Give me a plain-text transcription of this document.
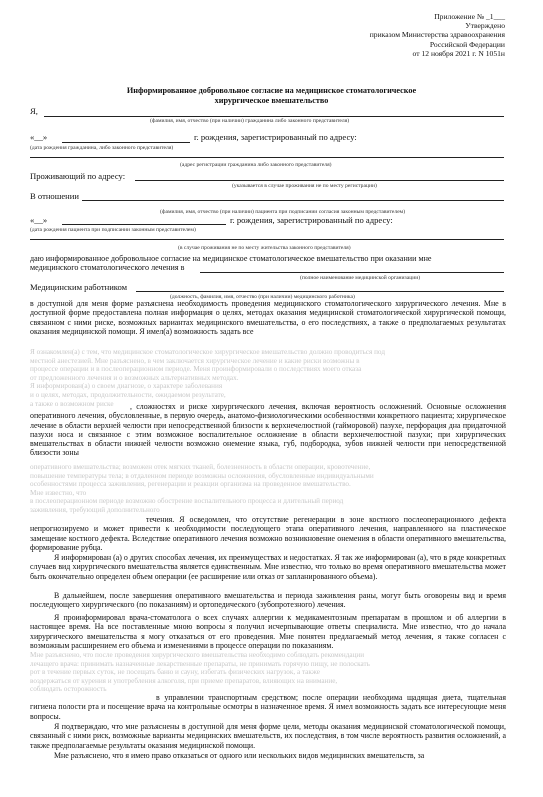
Приложение № _1___
Утверждено
приказом Министерства здравоохранения
Российской Федерации
от 12 ноября 2021 г. N 1051н
Информированное добровольное согласие на медицинское стоматологическое
хирургическое вмешательство
Я,
(фамилия, имя, отчество (при наличии) гражданина либо законного представителя)
«__»	г. рождения, зарегистрированный по адресу:
(дата рождения гражданина, либо законного представителя)
(адрес регистрации гражданина либо законного представителя)
Проживающий по адресу:
(указывается в случае проживания не по месту регистрации)
В отношении
(фамилия, имя, отчество (при наличии) пациента при подписании согласия законным представителем)
«__»	г. рождения, зарегистрированный по адресу:
(дата рождения пациента при подписании законным представителем)
(в случае проживания не по месту жительства законного представителя)
даю информированное добровольное согласие на медицинское стоматологическое вмешательство при оказании мне
медицинского стоматологического лечения в
(полное наименование медицинской организации)
Медицинским работником
(должность, фамилия, имя, отчество (при наличии) медицинского работника)
в доступной для меня форме разъяснена необходимость проведения медицинского стоматологического хирургического лечения. Мне в доступной форме предоставлена полная информация о целях, методах оказания медицинской стоматологической хирургической помощи, связанном с ними риске, возможных вариантах медицинского вмешательства, о его последствиях, а также о предполагаемых результатах оказания медицинской помощи. Я имел(а) возможность задать все
Я ознакомлен(а) с тем, что медицинское стоматологическое хирургическое вмешательство должно проводиться под
местной анестезией. Мне разъяснено, в чем заключается хирургическое лечение и какие риски возможны в
процессе операции и в послеоперационном периоде. Меня проинформировали о последствиях моего отказа
от предложенного лечения и о возможных альтернативных методах.
Я информирован(а) о своем диагнозе, о характере заболевания
и о целях, методах, продолжительности, ожидаемом результате,
а также о возможном риске	, сложностях и риске хирургического лечения, включая вероятность осложнений. Основные осложнения оперативного лечения, обусловленные, в первую очередь, анатомо-физиологическими особенностями конкретного пациента; хирургическое лечение в области верхней челюсти при непосредственной близости к верхнечелюстной (гайморовой) пазухе, перфорация дна придаточной пазухи носа и связанное с этим возможное воспалительное осложнение в области верхнечелюстной пазухи; при хирургических вмешательствах в области нижней челюсти возможно онемение языка, губ, подбородка, зубов нижней челюсти при непосредственной близости зоны
оперативного вмешательства; возможен отек мягких тканей, болезненность в области операции, кровотечение,
повышение температуры тела; в отдаленном периоде возможны осложнения, обусловленные индивидуальными
особенностями процесса заживления, регенерации и реакции организма на проведенное вмешательство.
Мне известно, что
в послеоперационном периоде возможно обострение воспалительного процесса и длительный период
заживления, требующий дополнительного
течения. Я осведомлен, что отсутствие регенерации в зоне костного послеоперационного дефекта непрогнозируемо и может привести к необходимости последующего этапа оперативного лечения, направленного на пластическое замещение костного дефекта. Вследствие оперативного лечения возможно возникновение онемения в области оперативного вмешательства, формирование рубца.
Я информирован (а) о других способах лечения, их преимуществах и недостатках. Я так же информирован (а), что в ряде конкретных случаев вид хирургического вмешательства является единственным. Мне известно, что только во время оперативного вмешательства может быть окончательно определен объем операции (ее расширение или отказ от запланированного объема).
В дальнейшем, после завершения оперативного вмешательства и периода заживления раны, могут быть оговорены вид и время последующего хирургического (по показаниям) и ортопедического (зубопротезного) лечения.
Я проинформировал врача-стоматолога о всех случаях аллергии к медикаментозным препаратам в прошлом и об аллергии в настоящее время. На все поставленные мною вопросы я получил исчерпывающие ответы специалиста. Мне известно, что до начала хирургического вмешательства я могу отказаться от его проведения. Мне понятен предлагаемый метод лечения, я также согласен с возможным расширением его объема и изменениями в процессе операции по показаниям.
Мне разъяснено, что после проведения хирургического вмешательства необходимо соблюдать рекомендации
лечащего врача: принимать назначенные лекарственные препараты, не принимать горячую пищу, не полоскать
рот в течение первых суток, не посещать баню и сауну, избегать физических нагрузок, а также
воздержаться от курения и употребления алкоголя, при приеме препаратов, влияющих на внимание,
соблюдать осторожность
в управлении транспортным средством; после операции необходима щадящая диета, тщательная гигиена полости рта и посещение врача на контрольные осмотры в назначенное время. Я имел возможность задать все интересующие меня вопросы.
Я подтверждаю, что мне разъяснены в доступной для меня форме цели, методы оказания медицинской стоматологической помощи, связанный с ними риск, возможные варианты медицинских вмешательств, их последствия, в том числе вероятность развития осложнений, а также предполагаемые результаты оказания медицинской помощи.
Мне разъяснено, что я имею право отказаться от одного или нескольких видов медицинских вмешательств, за
